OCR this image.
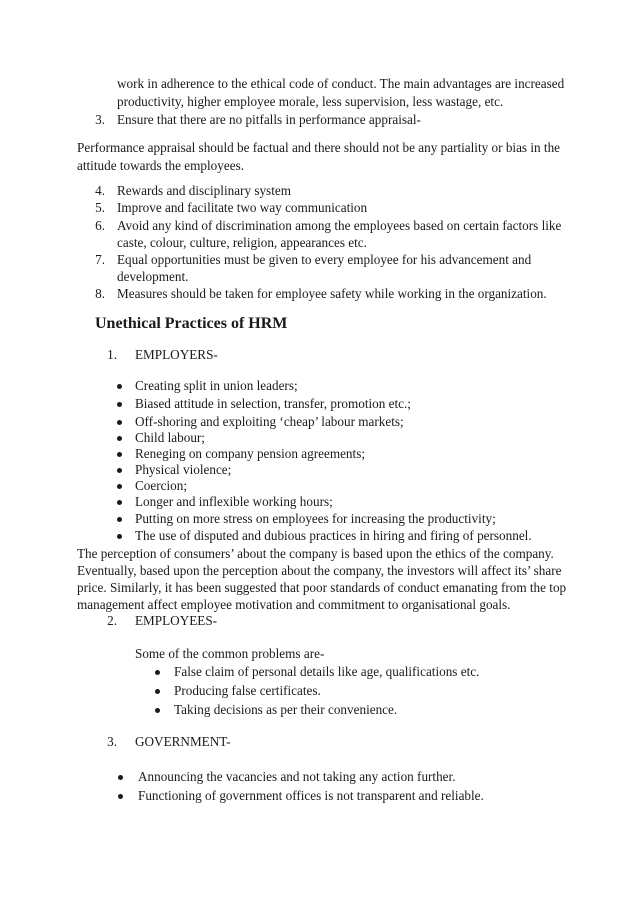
work in adherence to the ethical code of conduct. The main advantages are increased
productivity, higher employee morale, less supervision, less wastage, etc.
3. Ensure that there are no pitfalls in performance appraisal-
Performance appraisal should be factual and there should not be any partiality or bias in the
attitude towards the employees.
4. Rewards and disciplinary system
5. Improve and facilitate two way communication
6. Avoid any kind of discrimination among the employees based on certain factors like
caste, colour, culture, religion, appearances etc.
7. Equal opportunities must be given to every employee for his advancement and
development.
8. Measures should be taken for employee safety while working in the organization.
Unethical Practices of HRM
1. EMPLOYERS-
Creating split in union leaders;
Biased attitude in selection, transfer, promotion etc.;
Off-shoring and exploiting ‘cheap’ labour markets;
Child labour;
Reneging on company pension agreements;
Physical violence;
Coercion;
Longer and inflexible working hours;
Putting on more stress on employees for increasing the productivity;
The use of disputed and dubious practices in hiring and firing of personnel.
The perception of consumers’ about the company is based upon the ethics of the company.
Eventually, based upon the perception about the company, the investors will affect its’ share
price. Similarly, it has been suggested that poor standards of conduct emanating from the top
management affect employee motivation and commitment to organisational goals.
2. EMPLOYEES-
Some of the common problems are-
False claim of personal details like age, qualifications etc.
Producing false certificates.
Taking decisions as per their convenience.
3. GOVERNMENT-
Announcing the vacancies and not taking any action further.
Functioning of government offices is not transparent and reliable.
